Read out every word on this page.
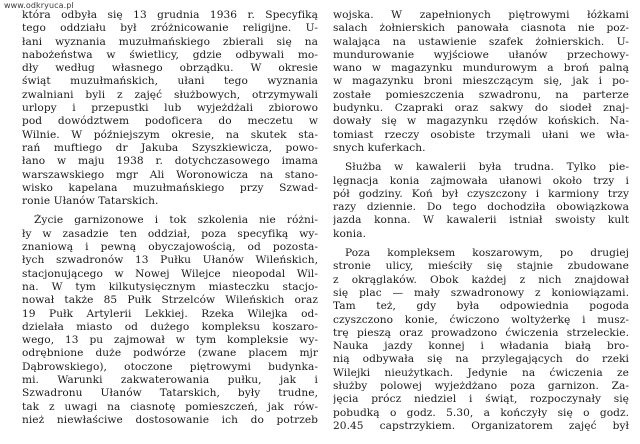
www.odkryuca.pl
która odbyła się 13 grudnia 1936 r. Specyfiką
tego oddziału był zróżnicowanie religijne. U-
łani wyznania muzułmańskiego zbierali się na
nabożeństwa w świetlicy, gdzie odbywali mo-
dły według własnego obrządku. W okresie
świąt muzułmańskich, ułani tego wyznania
zwalniani byli z zajęć służbowych, otrzymywali
urlopy i przepustki lub wyjeżdżali zbiorowo
pod dowództwem podoficera do meczetu w
Wilnie. W późniejszym okresie, na skutek sta-
rań muftiego dr Jakuba Szyszkiewicza, powo-
łano w maju 1938 r. dotychczasowego imama
warszawskiego mgr Ali Woronowicza na stano-
wisko kapelana muzułmańskiego przy Szwad-
ronie Ułanów Tatarskich.
Życie garnizonowe i tok szkolenia nie różni-
ły w zasadzie ten oddział, poza specyfiką wy-
znaniową i pewną obyczajowością, od pozosta-
łych szwadronów 13 Pułku Ułanów Wileńskich,
stacjonującego w Nowej Wilejce nieopodal Wil-
na. W tym kilkutysięcznym miasteczku stacjo-
nował także 85 Pułk Strzelców Wileńskich oraz
19 Pułk Artylerii Lekkiej. Rzeka Wilejka od-
dzielała miasto od dużego kompleksu koszaro-
wego, 13 pu zajmował w tym kompleksie wy-
odrębnione duże podwórze (zwane placem mjr
Dąbrowskiego), otoczone piętrowymi budynka-
mi. Warunki zakwaterowania pułku, jak i
Szwadronu Ułanów Tatarskich, były trudne,
tak z uwagi na ciasnotę pomieszczeń, jak rów-
nież niewłaściwe dostosowanie ich do potrzeb
wojska. W zapełnionych piętrowymi łóżkami
salach żołnierskich panowała ciasnota nie poz-
walająca na ustawienie szafek żołnierskich. U-
mundurowanie wyjściowe ułanów przechowy-
wano w magazynku mundurowym a broń palną
w magazynku broni mieszczącym się, jak i po-
zostałe pomieszczenia szwadronu, na parterze
budynku. Czapraki oraz sakwy do siodeł znaj-
dowały się w magazynku rzędów końskich. Na-
tomiast rzeczy osobiste trzymali ułani we wła-
snych kuferkach.
Służba w kawalerii była trudna. Tylko pie-
lęgnacja konia zajmowała ułanowi około trzy i
pół godziny. Koń był czyszczony i karmiony trzy
razy dziennie. Do tego dochodziła obowiązkowa
jazda konna. W kawalerii istniał swoisty kult
konia.
Poza kompleksem koszarowym, po drugiej
stronie ulicy, mieściły się stajnie zbudowane
z okrąglaków. Obok każdej z nich znajdował
się plac — mały szwadronowy z koniowiązami.
Tam też, gdy była odpowiednia pogoda
czyszczono konie, ćwiczono woltyżerkę i musz-
trę pieszą oraz prowadzono ćwiczenia strzeleckie.
Nauka jazdy konnej i władania białą bro-
nią odbywała się na przylegających do rzeki
Wilejki nieużytkach. Jedynie na ćwiczenia ze
służby polowej wyjeżdżano poza garnizon. Za-
jęcia prócz niedziel i świąt, rozpoczynały się
pobudką o godz. 5.30, a kończyły się o godz.
20.45 capstrzykiem. Organizatorem zajęć był
